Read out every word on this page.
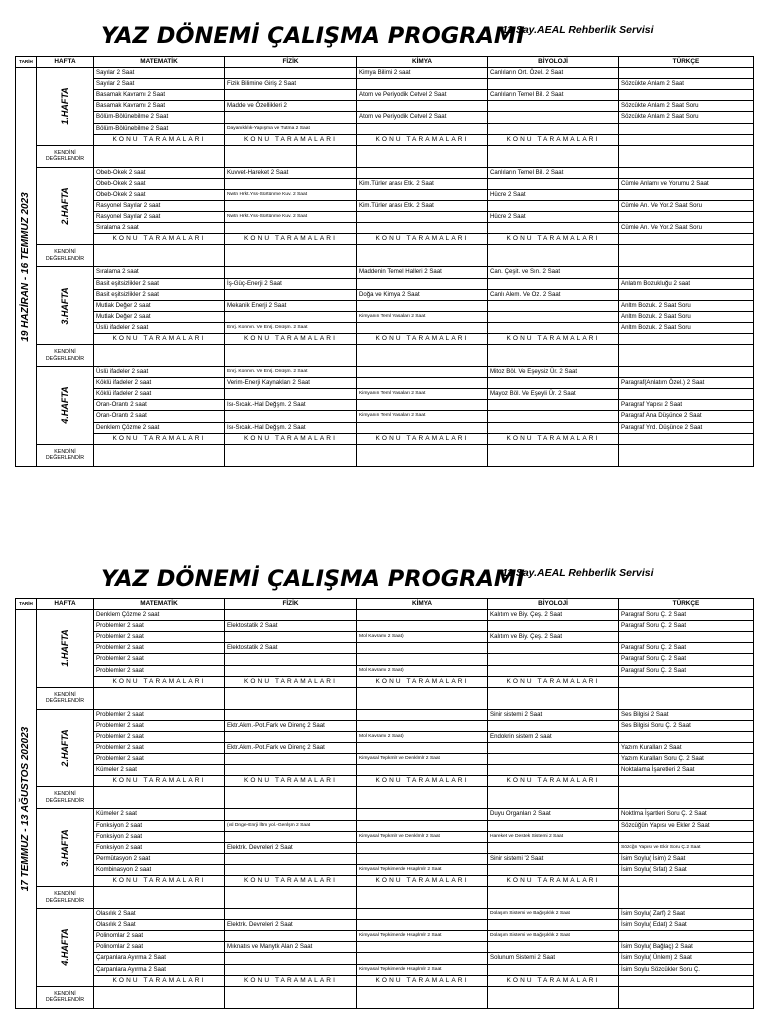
YAZ DÖNEMİ ÇALIŞMA PROGRAMI
11 Say.AEAL Rehberlik Servisi
TARİH	HAFTA	MATEMATİK	FİZİK	KİMYA	BİYOLOJİ	TÜRKÇE

19 HAZİRAN - 16 TEMMUZ 2023	1.HAFTA	Sayılar 2 Saat		Kimya Bilimi 2 saat	Canlıların Ort. Özel. 2 Saat	
		Sayılar 2 Saat	Fizik Bilimine Giriş 2 Saat			Sözcükte Anlam 2 Saat
		Basamak Kavramı 2 Saat		Atom ve Periyodik Cetvel 2 Saat	Canlıların Temel Bil. 2 Saat	
		Basamak Kavramı 2 Saat	Madde ve Özellikleri 2			Sözcükte Anlam 2 Saat Soru
		Bölüm-Bölünebilme 2 Saat		Atom ve Periyodik Cetvel 2 Saat		Sözcükte Anlam 2 Saat Soru
		Bölüm-Bölünebilme 2 Saat	Dayanıklılık-Yapışma ve Tutma 2 Saat			
		KONU TARAMALARI	KONU TARAMALARI	KONU TARAMALARI	KONU TARAMALARI	
	KENDİNİ DEĞERLENDİR					

	2.HAFTA	Obeb-Okek 2 saat	Kuvvet-Hareket 2 Saat		Canlıların Temel Bil. 2 Saat	
		Obeb-Okek 2 saat		Kim.Türler arası Etk. 2 Saat		Cümle Anlamı ve Yorumu 2 Saat
		Obeb-Okek 2 saat	Nwtn Hrkt.Yss-Sürtünme Kuv. 2 Saat		Hücre 2 Saat	
		Rasyonel Sayılar 2 saat		Kim.Türler arası Etk. 2 Saat		Cümle An. Ve Yor.2 Saat Soru
		Rasyonel Sayılar 2 saat	Nwtn Hrkt.Yss-Sürtünme Kuv. 2 Saat		Hücre 2 Saat	
		Sıralama 2 saat				Cümle An. Ve Yor.2 Saat Soru
		KONU TARAMALARI	KONU TARAMALARI	KONU TARAMALARI	KONU TARAMALARI	
	KENDİNİ DEĞERLENDİR					

	3.HAFTA	Sıralama 2 saat		Maddenin Temel Halleri 2 Saat	Can. Çeşit. ve Sın. 2 Saat	
		Basit eşitsizlikler 2 saat	İş-Güç-Enerji 2 Saat			Anlatım Bozukluğu 2 saat
		Basit eşitsizlikler 2 saat		Doğa ve Kimya 2 Saat	Canlı Alem. Ve Oz. 2 Saat	
		Mutlak Değer 2 saat	Mekanik Enerji 2 Saat			Anltm Bozuk. 2 Saat Soru
		Mutlak Değer 2 saat		Kimyanın Teml Yasaları 2 Saat		Anltm Bozuk. 2 Saat Soru
		Üslü ifadeler 2 saat	Enrj. Konrvn. Ve Enrj. Dnüşm. 2 Saat			Anltm Bozuk. 2 Saat Soru
		KONU TARAMALARI	KONU TARAMALARI	KONU TARAMALARI	KONU TARAMALARI	
	KENDİNİ DEĞERLENDİR					

	4.HAFTA	Üslü ifadeler 2 saat	Enrj. Konrvn. Ve Enrj. Dnüşm. 2 Saat		Mitoz Böl. Ve Eşeysiz Ür. 2 Saat	
		Köklü ifadeler 2 saat	Verim-Enerji Kaynakları 2 Saat			Paragraf(Anlatım Özel.) 2 Saat
		Köklü ifadeler 2 saat		Kimyanın Teml Yasaları 2 Saat	Mayoz Böl. Ve Eşeyli Ür. 2 Saat	
		Oran-Orantı 2 saat	Isı-Sıcak.-Hal Değşm. 2 Saat			Paragraf Yapısı 2 Saat
		Oran-Orantı 2 saat		Kimyanın Teml Yasaları 2 Saat		Paragraf Ana Düşünce 2 Saat
		Denklem Çözme 2 saat	Isı-Sıcak.-Hal Değşm. 2 Saat			Paragraf Yrd. Düşünce 2 Saat
		KONU TARAMALARI	KONU TARAMALARI	KONU TARAMALARI	KONU TARAMALARI	
	KENDİNİ DEĞERLENDİR					
YAZ DÖNEMİ ÇALIŞMA PROGRAMI
11 Say.AEAL Rehberlik Servisi
TARİH	HAFTA	MATEMATİK	FİZİK	KİMYA	BİYOLOJİ	TÜRKÇE

17 TEMMUZ - 13 AĞUSTOS 202023	1.HAFTA	Denklem Çözme 2 saat			Kalıtım ve Biy. Çeş. 2 Saat	Paragraf Soru Ç. 2 Saat
		Problemler 2 saat	Elektostatik 2 Saat			Paragraf Soru Ç. 2 Saat
		Problemler 2 saat		Mol Kavramı 2 Saat)	Kalıtım ve Biy. Çeş. 2 Saat	
		Problemler 2 saat	Elektostatik 2 Saat			Paragraf Soru Ç. 2 Saat
		Problemler 2 saat				Paragraf Soru Ç. 2 Saat
		Problemler 2 saat		Mol Kavramı 2 Saat)		Paragraf Soru Ç. 2 Saat
		KONU TARAMALARI	KONU TARAMALARI	KONU TARAMALARI	KONU TARAMALARI	
	KENDİNİ DEĞERLENDİR					

	2.HAFTA	Problemler 2 saat			Sinir sistemi 2 Saat	Ses Bilgisi 2 Saat
		Problemler 2 saat	Ektr.Akm.-Pot.Fark ve Direnç 2 Saat			Ses Bilgisi Soru Ç. 2 Saat
		Problemler 2 saat		Mol Kavramı 2 Saat)	Endokrin sistem 2 saat	
		Problemler 2 saat	Ektr.Akm.-Pot.Fark ve Direnç 2 Saat			Yazım Kuralları 2 Saat
		Problemler 2 saat		Kimyasal Tepkmlr ve Denklmlr 2 Saat		Yazım Kuralları Soru Ç. 2 Saat
		Kümeler 2 saat				Noktalama İşaretleri 2 Saat
		KONU TARAMALARI	KONU TARAMALARI	KONU TARAMALARI	KONU TARAMALARI	
	KENDİNİ DEĞERLENDİR					

	3.HAFTA	Kümeler 2 saat			Duyu Organları 2 Saat	Noktlma İşartleri Soru Ç. 2 Saat
		Fonksiyon 2 saat	(ısl Dnge-Enrji İltm yol.-Genlşm 2 Saat			Sözcüğün Yapısı ve Ekler 2 Saat
		Fonksiyon 2 saat		Kimyasal Tepkmlr ve Denklmlr 2 Saat	Hareket ve Destek Sistemi 2 Saat	
		Fonksiyon 2 saat	Elektrk. Devreleri 2 Saat			Sözcğn Yapısı ve Ekir Soru Ç.2 Saat
		Permütasyon 2 saat			Sinir sistemi '2 Saat	İsim Soylu( İsim) 2 Saat
		Kombinasyon 2 saat		Kimyasal Tepkimerde Hsaplmlr 2 Saat		İsim Soylu( Sıfat) 2 Saat
		KONU TARAMALARI	KONU TARAMALARI	KONU TARAMALARI	KONU TARAMALARI	
	KENDİNİ DEĞERLENDİR					

	4.HAFTA	Olasılık 2 Saat			Dolaşım Sistemi ve Bağışıklık 2 Saat	İsim Soylu( Zarf) 2 Saat
		Olasılık 2 Saat	Elektrk. Devreleri 2 Saat			İsim Soylu( Edat) 2 Saat
		Polinomlar 2 saat		Kimyasal Tepkimerde Hsaplmlr 2 Saat	Dolaşım Sistemi ve Bağışıklık 2 Saat	
		Polinomlar 2 saat	Mıknatıs ve Manytk Alan 2 Saat			İsim Soylu( Bağlaç) 2 Saat
		Çarpanlara Ayırma 2 Saat			Solunum Sistemi 2 Saat	İsim Soylu( Ünlem) 2 Saat
		Çarpanlara Ayırma 2 Saat		Kimyasal Tepkimerde Hsaplmlr 2 Saat		İsim Soylu Sözcükler Soru Ç.
		KONU TARAMALARI	KONU TARAMALARI	KONU TARAMALARI	KONU TARAMALARI	
	KENDİNİ DEĞERLENDİR					
